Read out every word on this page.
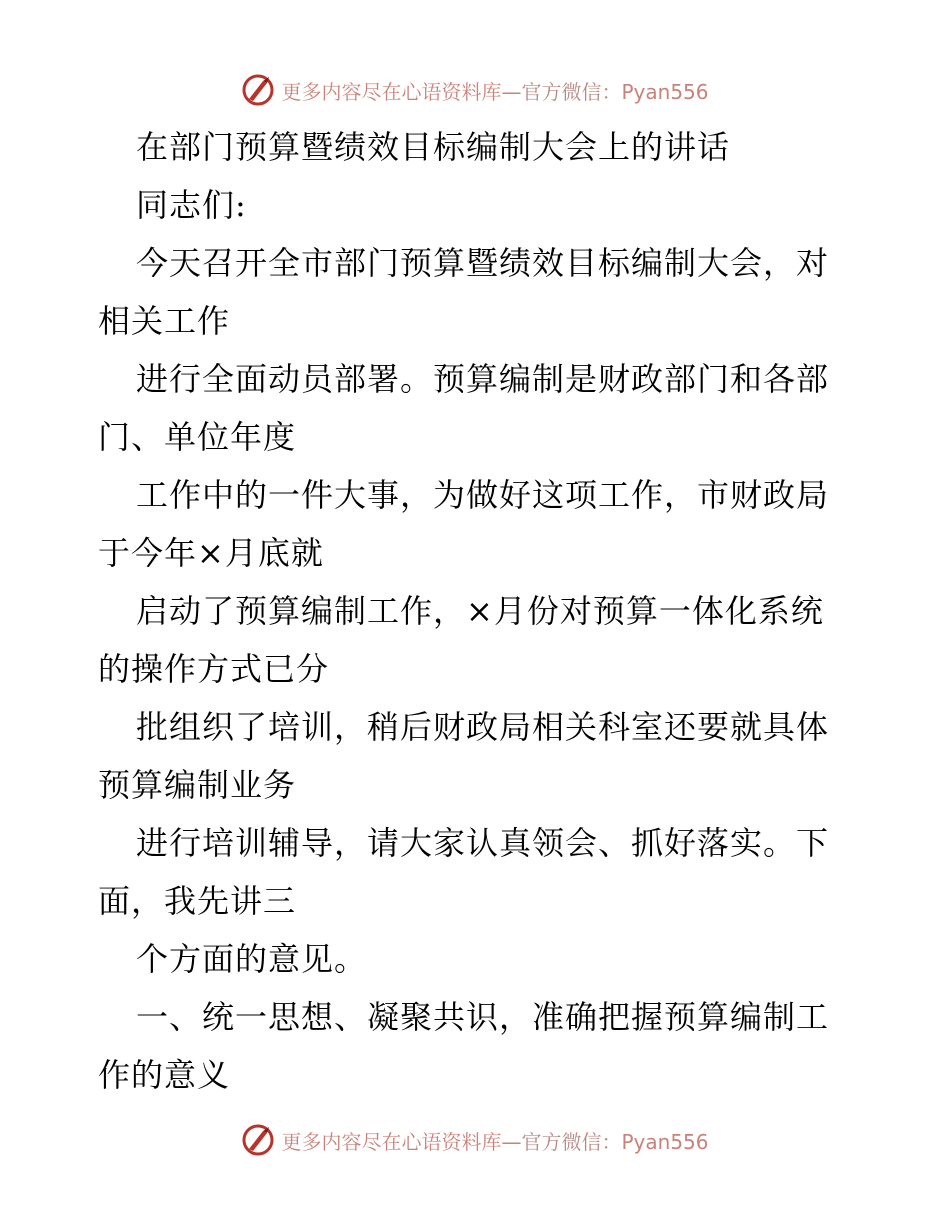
更多内容尽在心语资料库—官方微信：Pyan556
在部门预算暨绩效目标编制大会上的讲话
同志们:
今天召开全市部门预算暨绩效目标编制大会，对
相关工作
进行全面动员部署。预算编制是财政部门和各部
门、单位年度
工作中的一件大事，为做好这项工作，市财政局
于今年×月底就
启动了预算编制工作，×月份对预算一体化系统
的操作方式已分
批组织了培训，稍后财政局相关科室还要就具体
预算编制业务
进行培训辅导，请大家认真领会、抓好落实。下
面，我先讲三
个方面的意见。
一、统一思想、凝聚共识，准确把握预算编制工
作的意义
更多内容尽在心语资料库—官方微信：Pyan556
